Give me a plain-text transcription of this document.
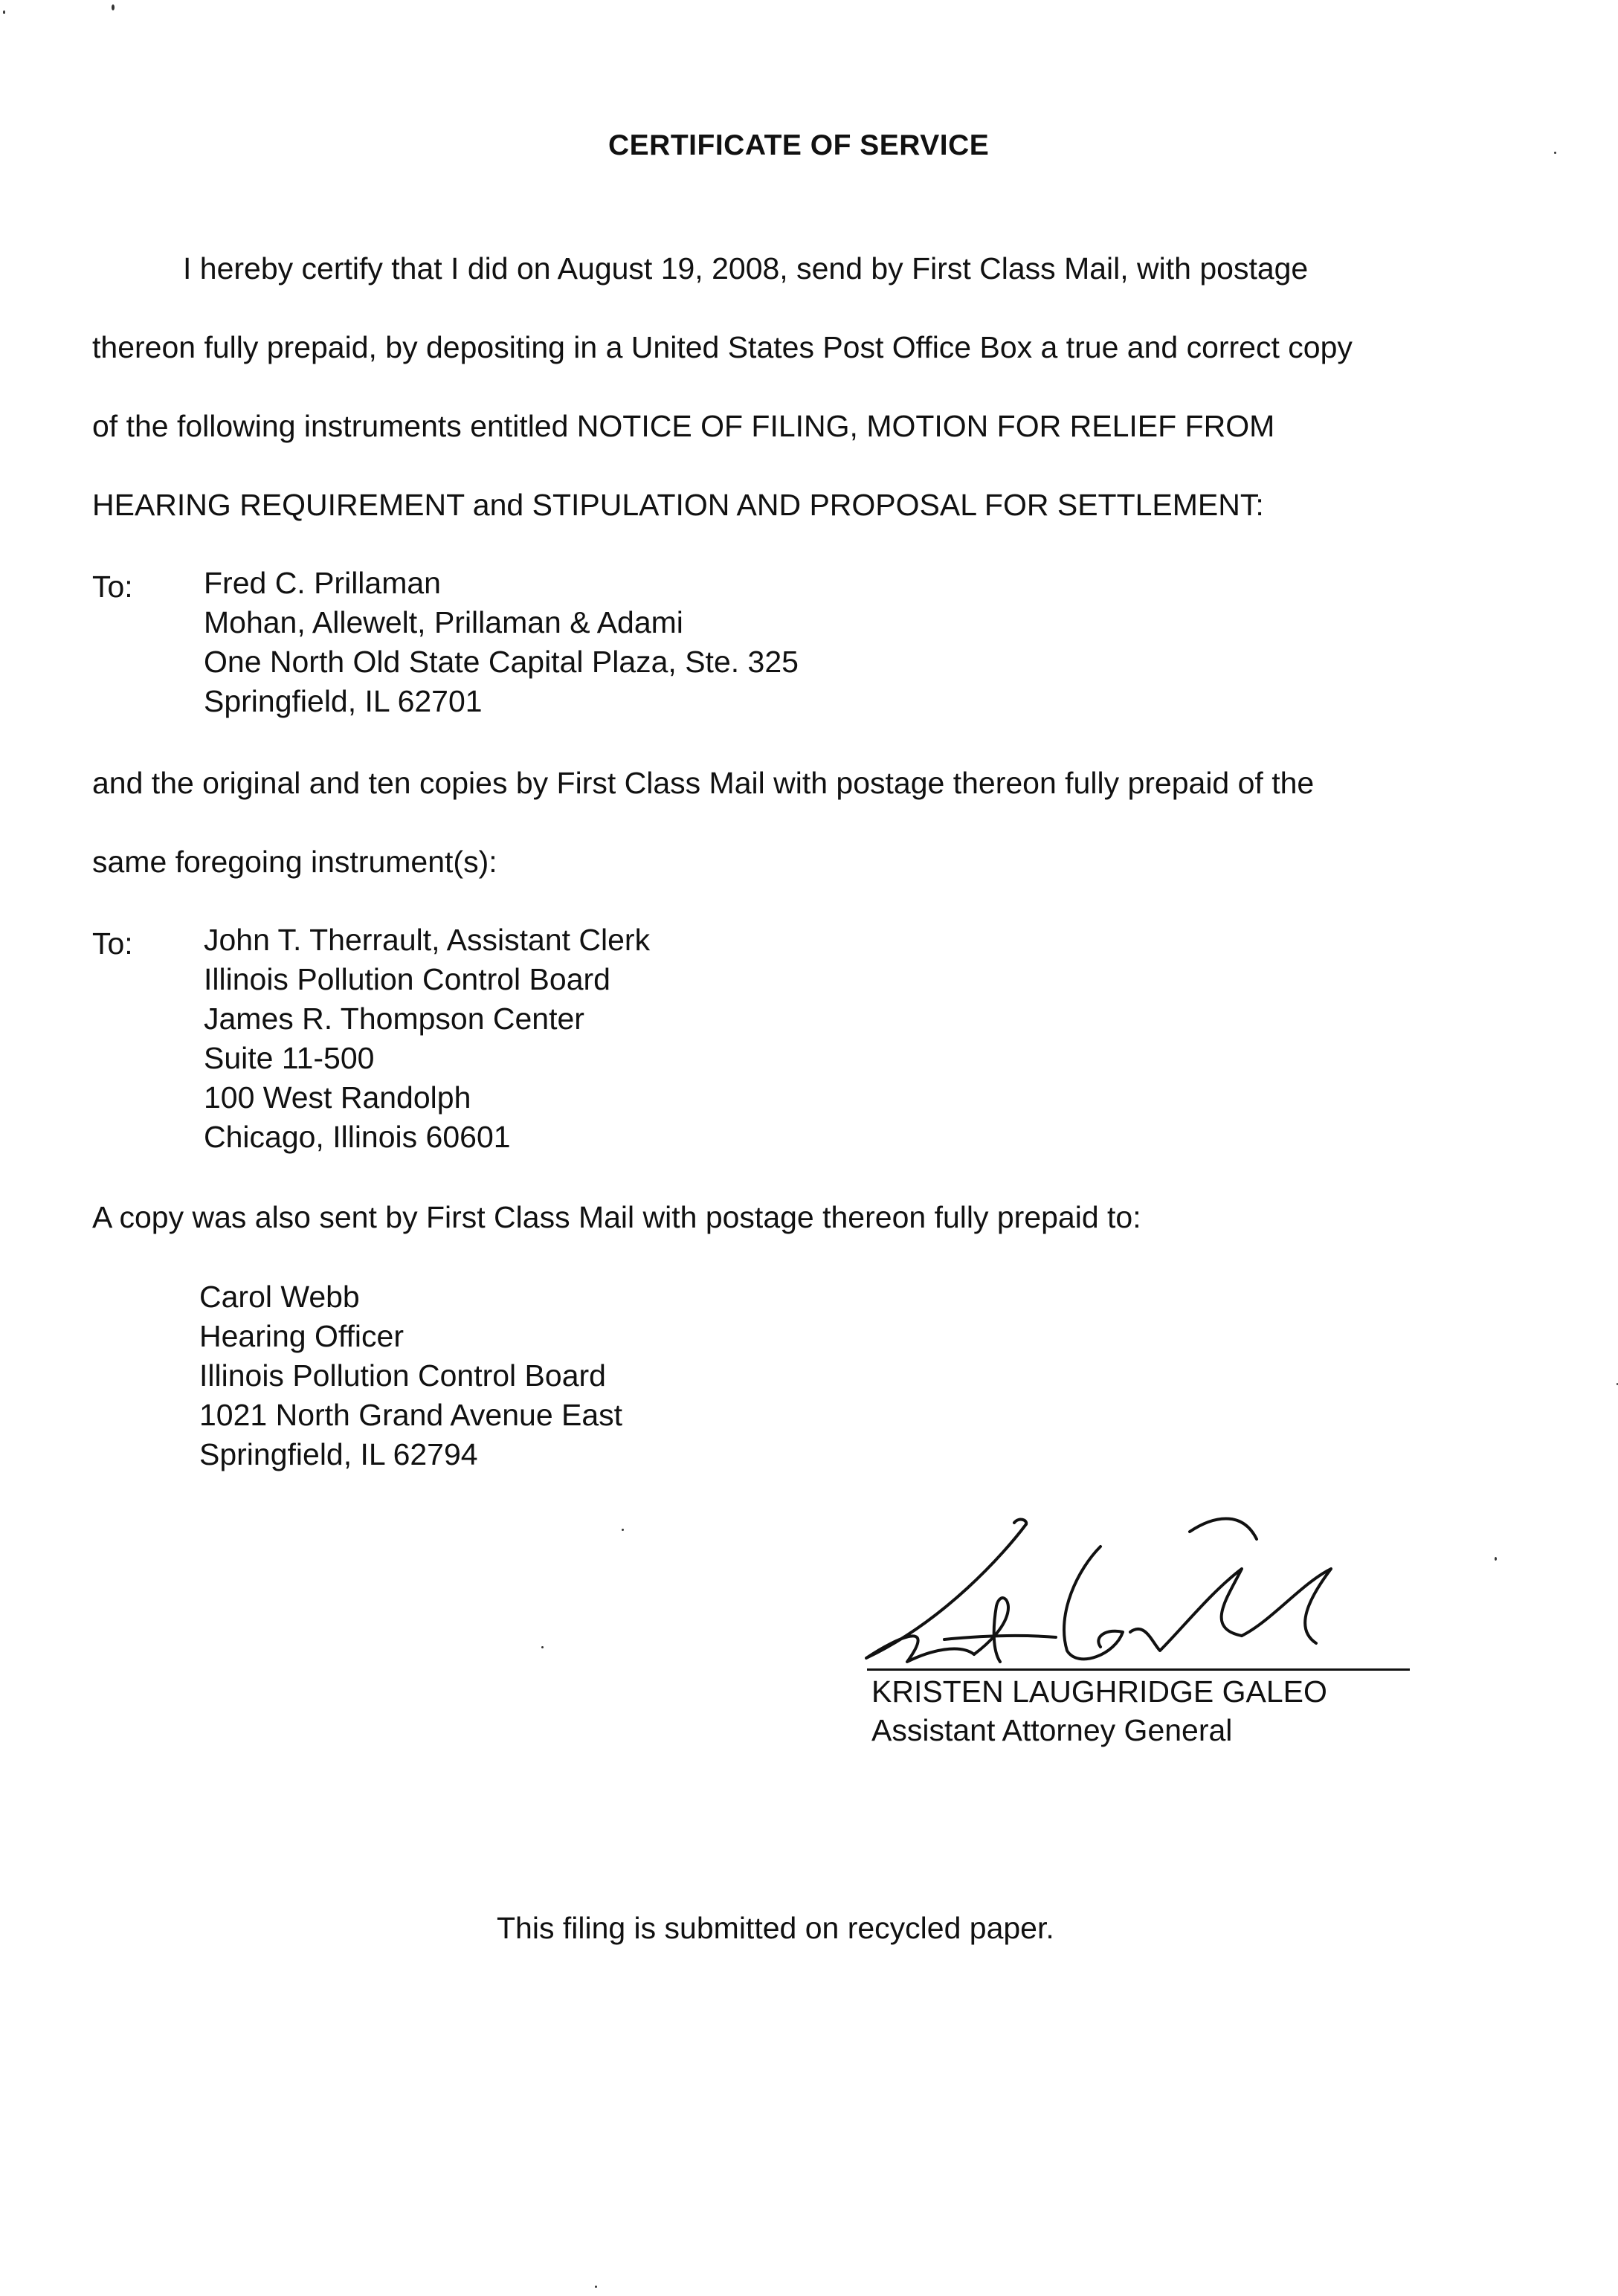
CERTIFICATE OF SERVICE
I hereby certify that I did on August 19, 2008, send by First Class Mail, with postage
thereon fully prepaid, by depositing in a United States Post Office Box a true and correct copy
of the following instruments entitled NOTICE OF FILING, MOTION FOR RELIEF FROM
HEARING REQUIREMENT and STIPULATION AND PROPOSAL FOR SETTLEMENT:
To: Fred C. Prillaman
Mohan, Allewelt, Prillaman & Adami
One North Old State Capital Plaza, Ste. 325
Springfield, IL 62701
and the original and ten copies by First Class Mail with postage thereon fully prepaid of the
same foregoing instrument(s):
To: John T. Therrault, Assistant Clerk
Illinois Pollution Control Board
James R. Thompson Center
Suite 11-500
100 West Randolph
Chicago, Illinois 60601
A copy was also sent by First Class Mail with postage thereon fully prepaid to:
Carol Webb
Hearing Officer
Illinois Pollution Control Board
1021 North Grand Avenue East
Springfield, IL 62794
KRISTEN LAUGHRIDGE GALEO
Assistant Attorney General
This filing is submitted on recycled paper.
